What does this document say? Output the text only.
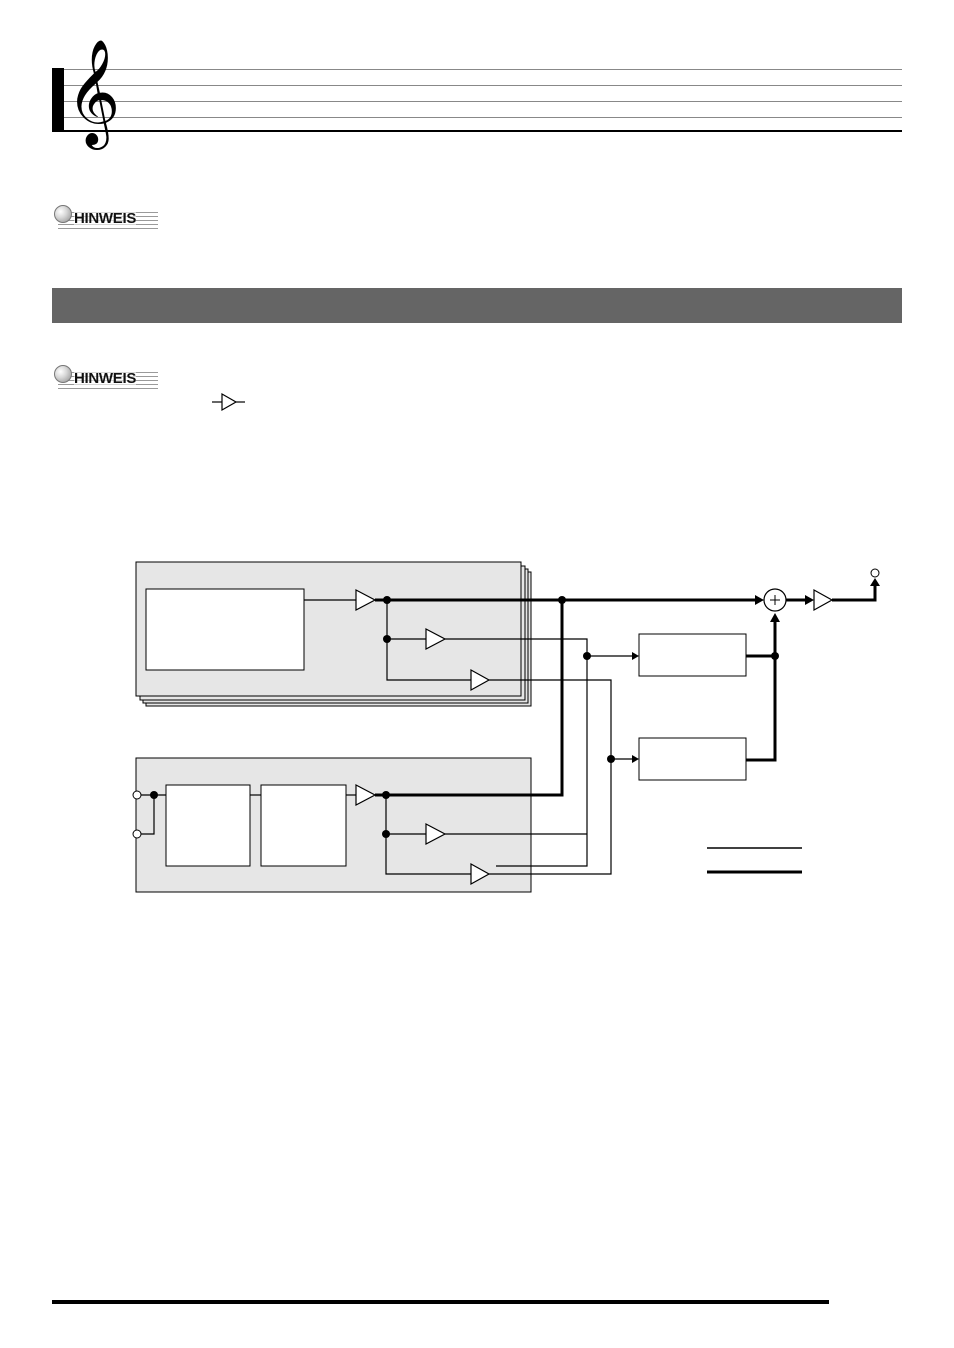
𝄞
HINWEIS
HINWEIS
